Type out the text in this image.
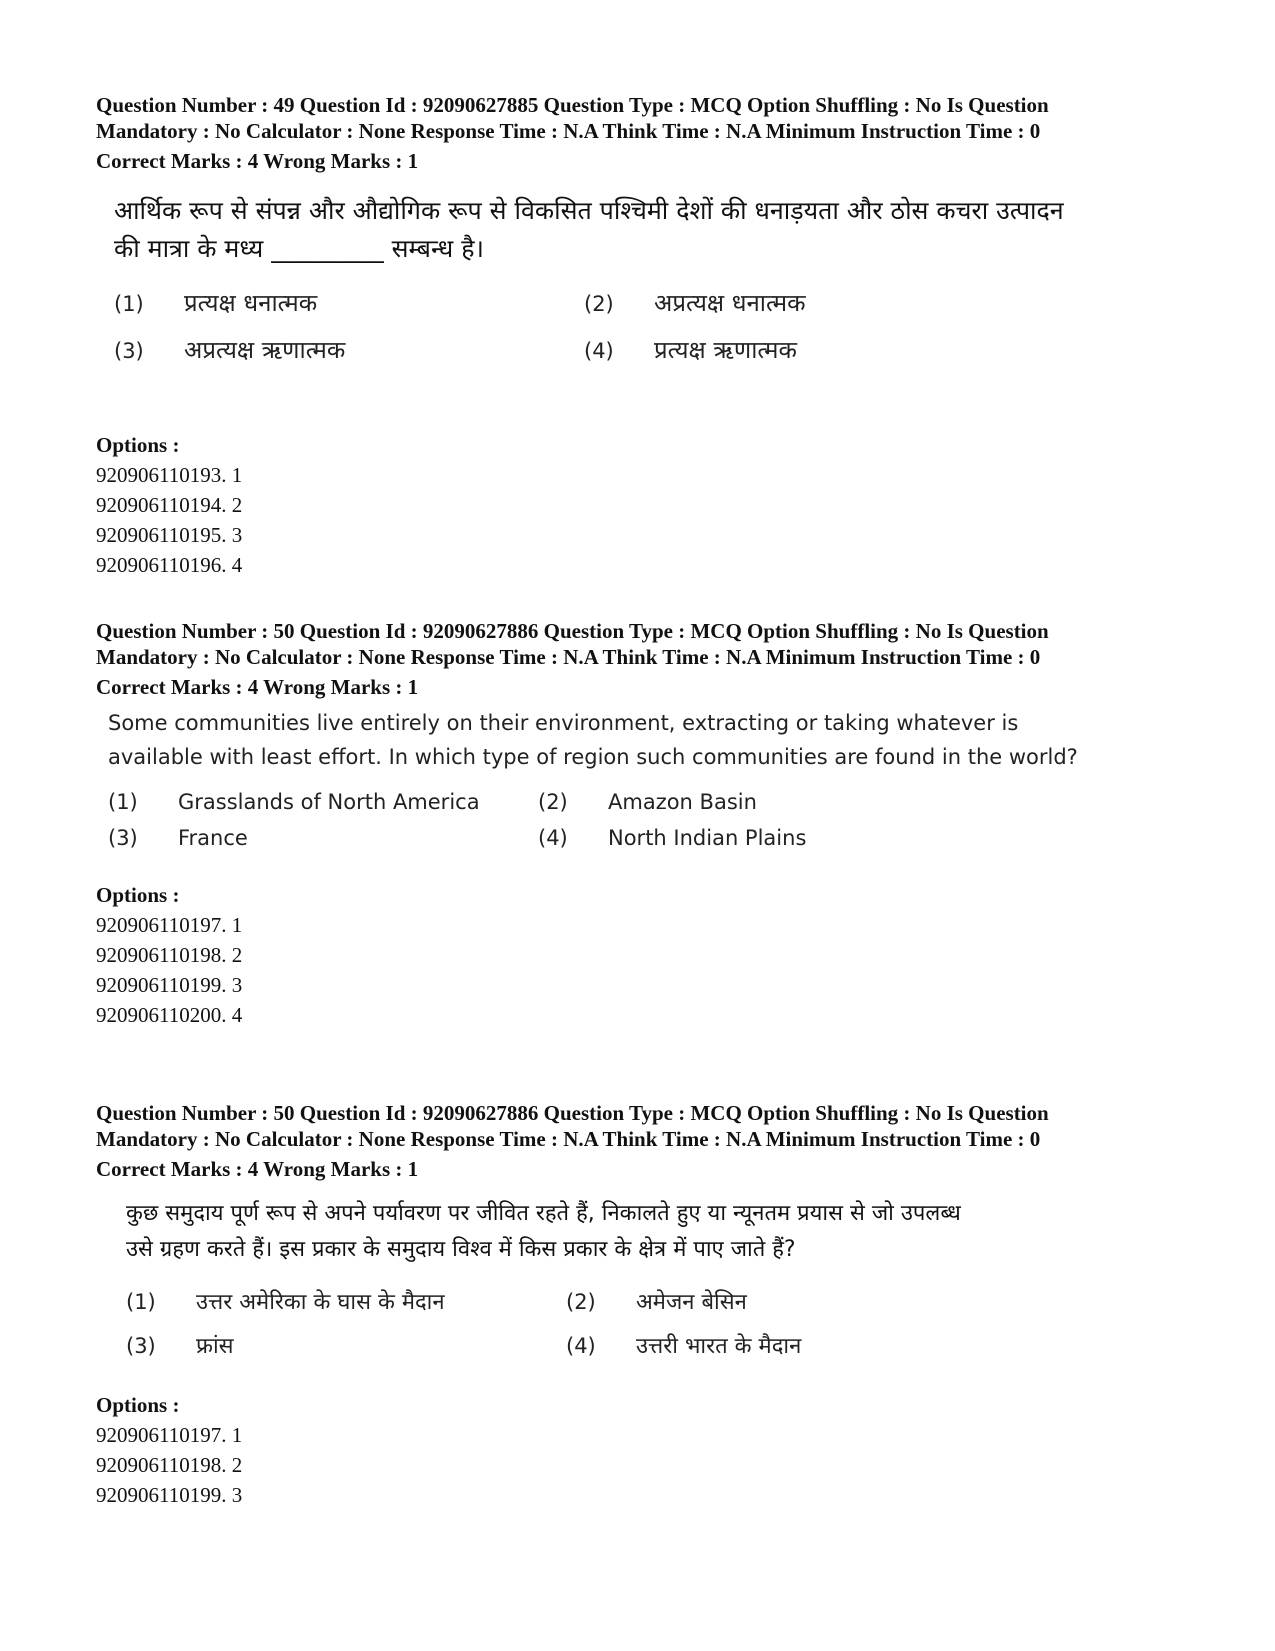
Question Number : 49 Question Id : 92090627885 Question Type : MCQ Option Shuffling : No Is Question

Mandatory : No Calculator : None Response Time : N.A Think Time : N.A Minimum Instruction Time : 0

Correct Marks : 4 Wrong Marks : 1

आर्थिक रूप से संपन्न और औद्योगिक रूप से विकसित पश्चिमी देशों की धनाड़यता और ठोस कचरा उत्पादन

की मात्रा के मध्य _________ सम्बन्ध है।

(1)	प्रत्यक्ष धनात्मक	(2)	अप्रत्यक्ष धनात्मक
(3)	अप्रत्यक्ष ऋणात्मक	(4)	प्रत्यक्ष ऋणात्मक

Options :

920906110193. 1

920906110194. 2

920906110195. 3

920906110196. 4

Question Number : 50 Question Id : 92090627886 Question Type : MCQ Option Shuffling : No Is Question

Mandatory : No Calculator : None Response Time : N.A Think Time : N.A Minimum Instruction Time : 0

Correct Marks : 4 Wrong Marks : 1

Some communities live entirely on their environment, extracting or taking whatever is

available with least effort. In which type of region such communities are found in the world?

(1)	Grasslands of North America	(2)	Amazon Basin
(3)	France	(4)	North Indian Plains

Options :

920906110197. 1

920906110198. 2

920906110199. 3

920906110200. 4

Question Number : 50 Question Id : 92090627886 Question Type : MCQ Option Shuffling : No Is Question

Mandatory : No Calculator : None Response Time : N.A Think Time : N.A Minimum Instruction Time : 0

Correct Marks : 4 Wrong Marks : 1

कुछ समुदाय पूर्ण रूप से अपने पर्यावरण पर जीवित रहते हैं, निकालते हुए या न्यूनतम प्रयास से जो उपलब्ध

उसे ग्रहण करते हैं। इस प्रकार के समुदाय विश्व में किस प्रकार के क्षेत्र में पाए जाते हैं?

(1)	उत्तर अमेरिका के घास के मैदान	(2)	अमेजन बेसिन
(3)	फ्रांस	(4)	उत्तरी भारत के मैदान

Options :

920906110197. 1

920906110198. 2

920906110199. 3
